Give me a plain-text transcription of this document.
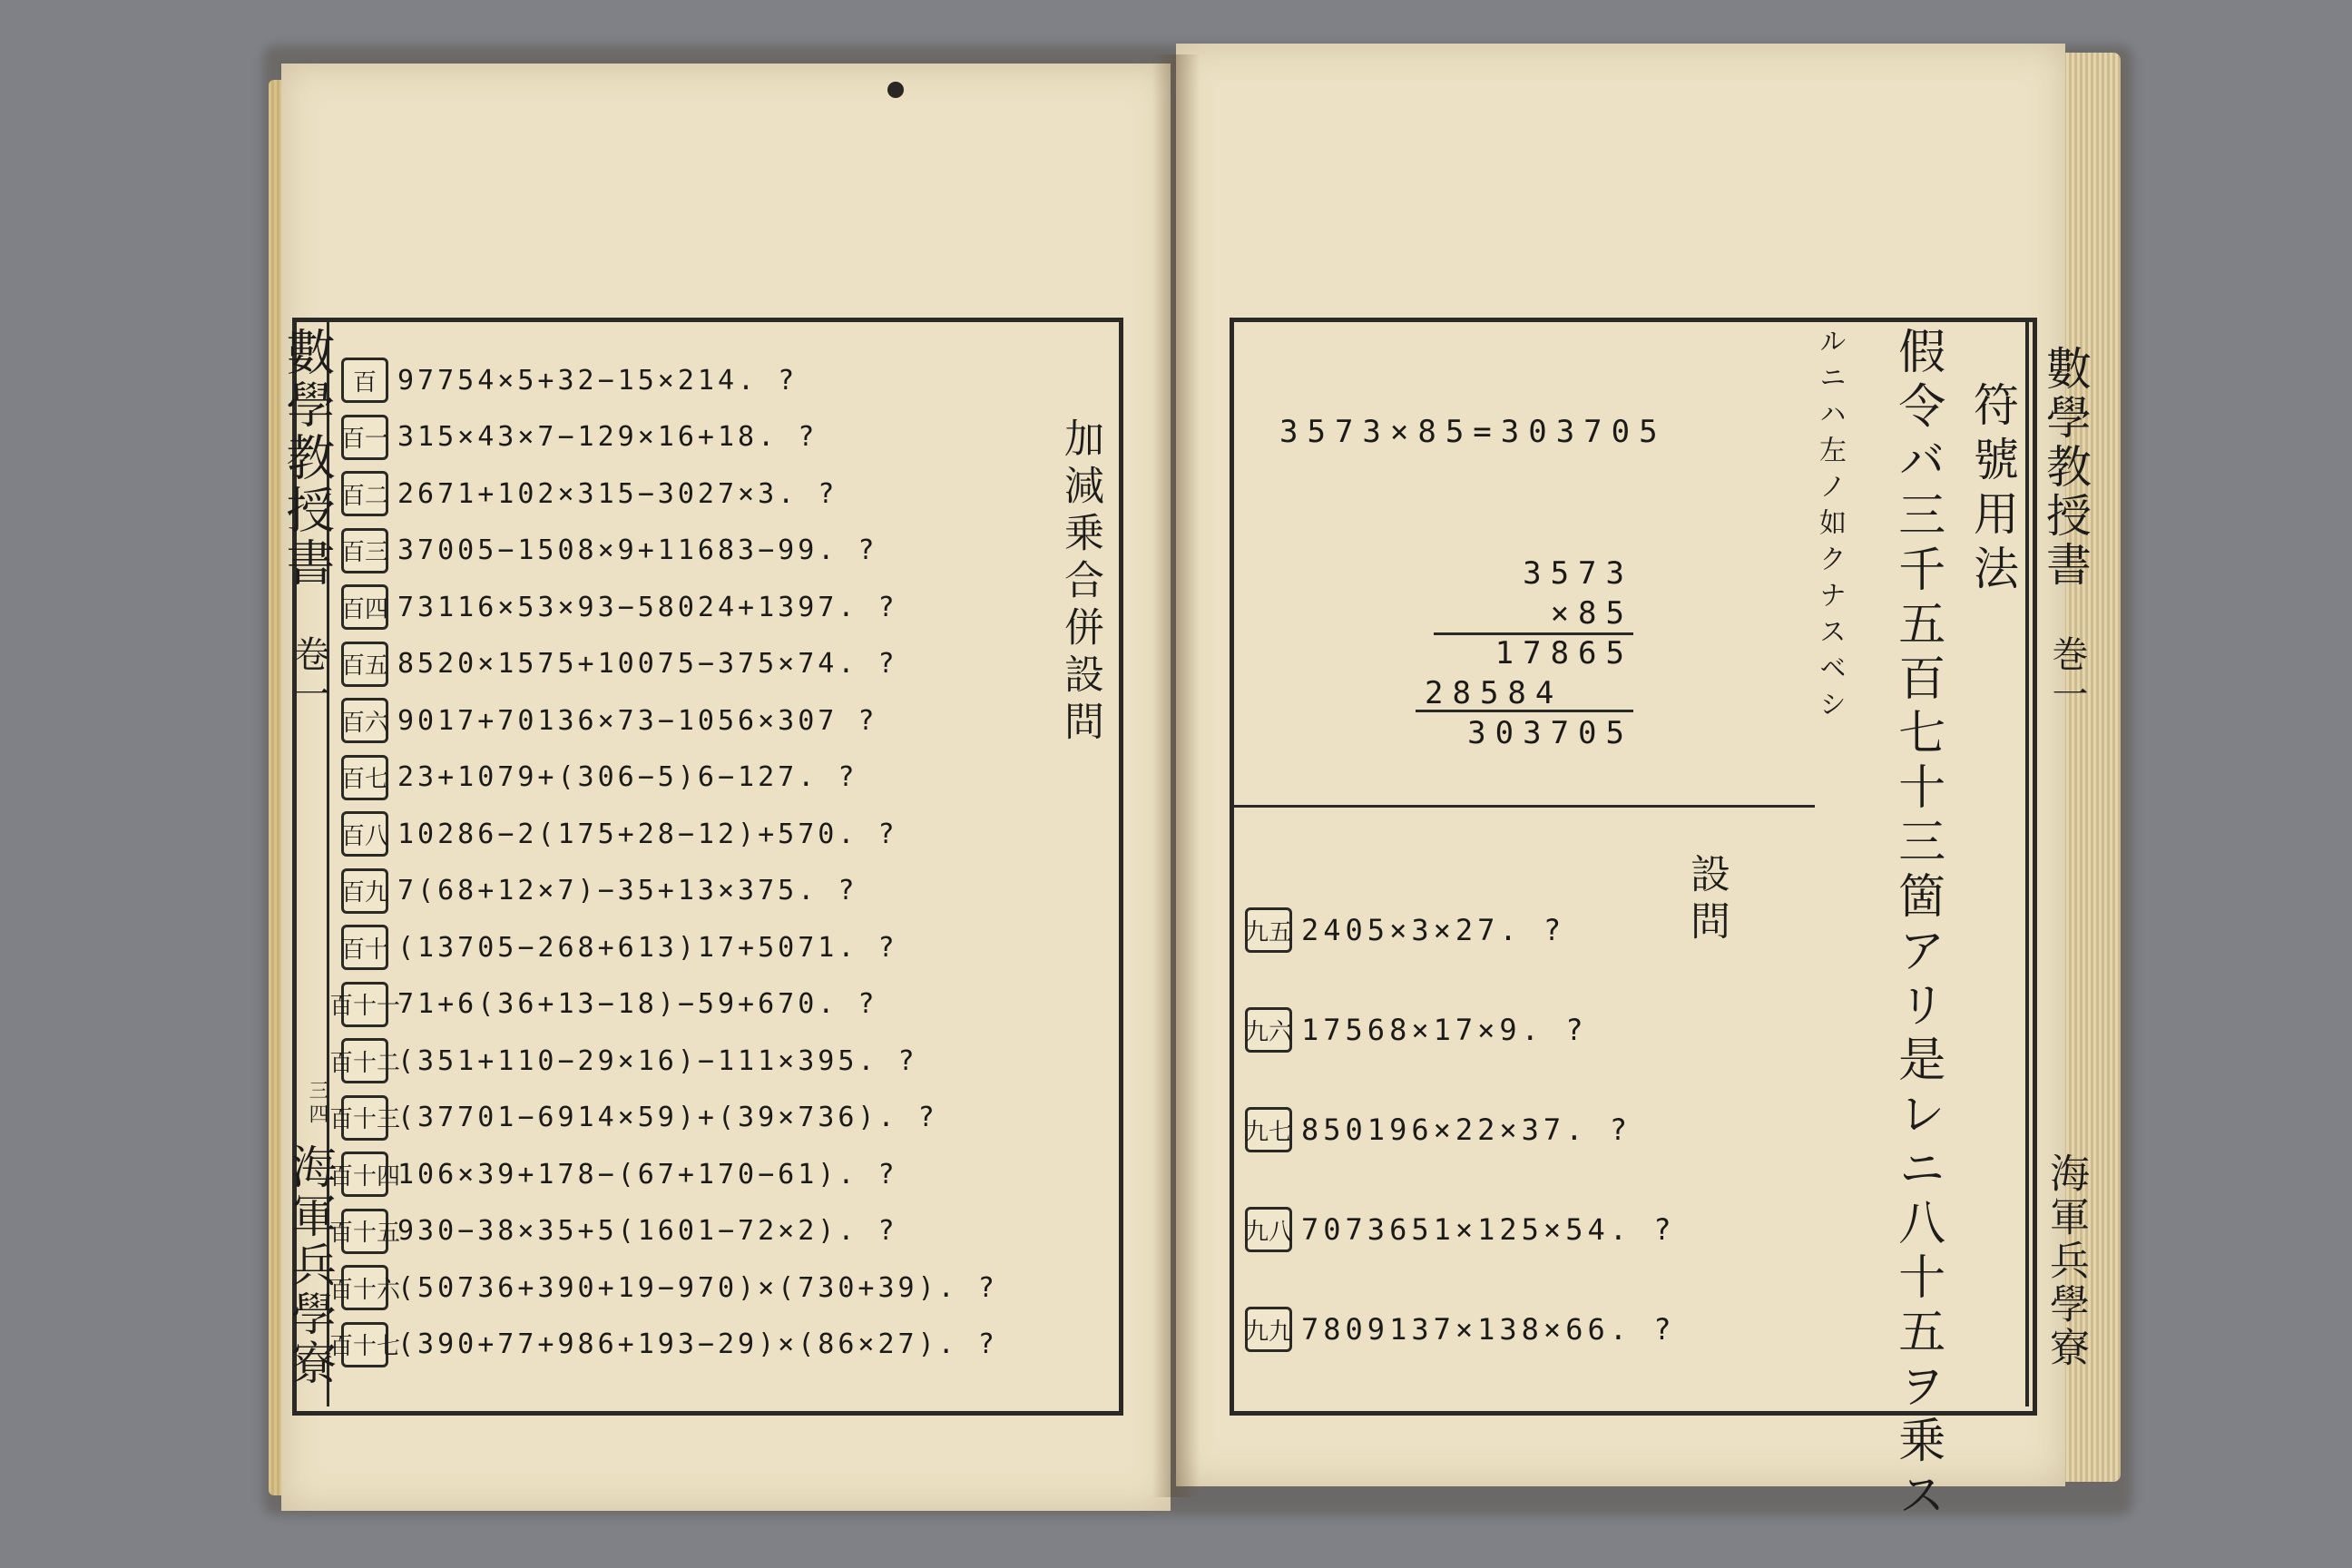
數學教授書
卷一
三四
海軍兵學寮
加減乗合併設問
百 97754×5+32−15×214. ?
百一 315×43×7−129×16+18. ?
百二 2671+102×315−3027×3. ?
百三 37005−1508×9+11683−99. ?
百四 73116×53×93−58024+1397. ?
百五 8520×1575+10075−375×74. ?
百六 9017+70136×73−1056×307 ?
百七 23+1079+(306−5)6−127. ?
百八 10286−2(175+28−12)+570. ?
百九 7(68+12×7)−35+13×375. ?
百十 (13705−268+613)17+5071. ?
百十一
71+6(36+13−18)−59+670. ?
百十二
(351+110−29×16)−111×395. ?
百十三
(37701−6914×59)+(39×736). ?
百十四
106×39+178−(67+170−61). ?
百十五
930−38×35+5(1601−72×2). ?
百十六
(50736+390+19−970)×(730+39). ?
百十七
(390+77+986+193−29)×(86×27). ?
數學教授書
巻一
海軍兵學寮
符號用法
假令バ三千五百七十三箇アリ是レニ八十五ヲ乗ス
ルニハ左ノ如クナスベシ
3573×85=303705
3573
×85
17865
28584
303705
設問
九五 2405×3×27. ?
九六 17568×17×9. ?
九七 850196×22×37. ?
九八 7073651×125×54. ?
九九 7809137×138×66. ?
